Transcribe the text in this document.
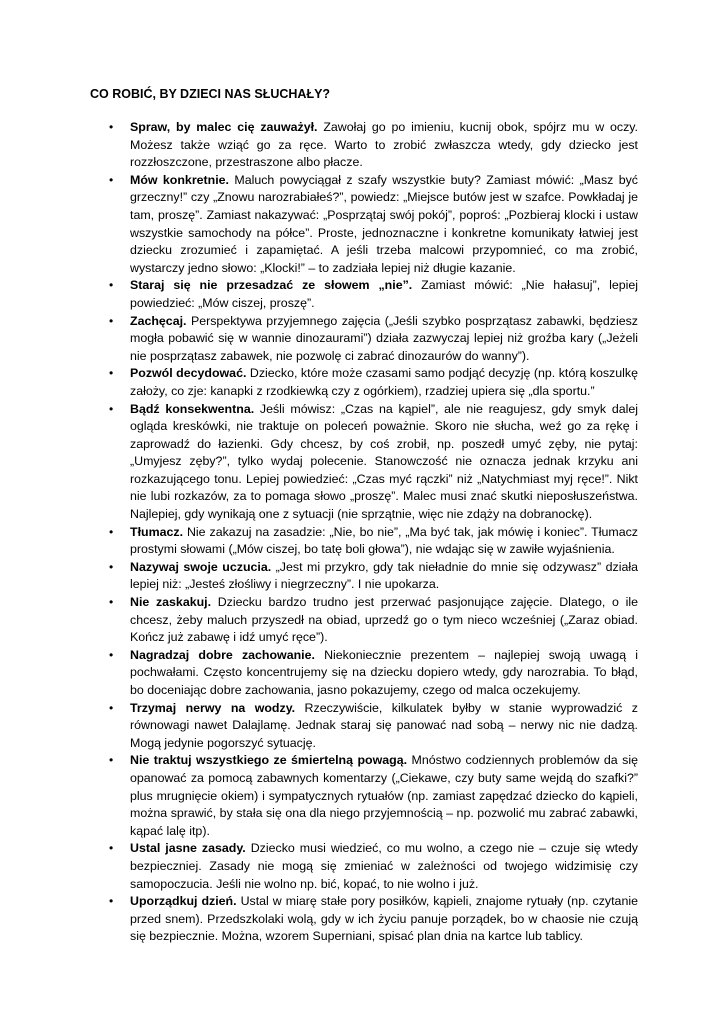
CO ROBIĆ, BY DZIECI NAS SŁUCHAŁY?
• Spraw, by malec cię zauważył. Zawołaj go po imieniu, kucnij obok, spójrz mu w oczy. Możesz także wziąć go za ręce. Warto to zrobić zwłaszcza wtedy, gdy dziecko jest rozzłoszczone, przestraszone albo płacze.
• Mów konkretnie. Maluch powyciągał z szafy wszystkie buty? Zamiast mówić: „Masz być grzeczny!” czy „Znowu narozrabiałeś?”, powiedz: „Miejsce butów jest w szafce. Powkładaj je tam, proszę”. Zamiast nakazywać: „Posprzątaj swój pokój”, poproś: „Pozbieraj klocki i ustaw wszystkie samochody na półce”. Proste, jednoznaczne i konkretne komunikaty łatwiej jest dziecku zrozumieć i zapamiętać. A jeśli trzeba malcowi przypomnieć, co ma zrobić, wystarczy jedno słowo: „Klocki!” – to zadziała lepiej niż długie kazanie.
• Staraj się nie przesadzać ze słowem „nie”. Zamiast mówić: „Nie hałasuj”, lepiej powiedzieć: „Mów ciszej, proszę”.
• Zachęcaj. Perspektywa przyjemnego zajęcia („Jeśli szybko posprzątasz zabawki, będziesz mogła pobawić się w wannie dinozaurami”) działa zazwyczaj lepiej niż groźba kary („Jeżeli nie posprzątasz zabawek, nie pozwolę ci zabrać dinozaurów do wanny”).
• Pozwól decydować. Dziecko, które może czasami samo podjąć decyzję (np. którą koszulkę założy, co zje: kanapki z rzodkiewką czy z ogórkiem), rzadziej upiera się „dla sportu.”
• Bądź konsekwentna. Jeśli mówisz: „Czas na kąpiel”, ale nie reagujesz, gdy smyk dalej ogląda kreskówki, nie traktuje on poleceń poważnie. Skoro nie słucha, weź go za rękę i zaprowadź do łazienki. Gdy chcesz, by coś zrobił, np. poszedł umyć zęby, nie pytaj: „Umyjesz zęby?”, tylko wydaj polecenie. Stanowczość nie oznacza jednak krzyku ani rozkazującego tonu. Lepiej powiedzieć: „Czas myć rączki” niż „Natychmiast myj ręce!”. Nikt nie lubi rozkazów, za to pomaga słowo „proszę”. Malec musi znać skutki nieposłuszeństwa. Najlepiej, gdy wynikają one z sytuacji (nie sprzątnie, więc nie zdąży na dobranockę).
• Tłumacz. Nie zakazuj na zasadzie: „Nie, bo nie”, „Ma być tak, jak mówię i koniec”. Tłumacz prostymi słowami („Mów ciszej, bo tatę boli głowa”), nie wdając się w zawiłe wyjaśnienia.
• Nazywaj swoje uczucia. „Jest mi przykro, gdy tak nieładnie do mnie się odzywasz” działa lepiej niż: „Jesteś złośliwy i niegrzeczny”. I nie upokarza.
• Nie zaskakuj. Dziecku bardzo trudno jest przerwać pasjonujące zajęcie. Dlatego, o ile chcesz, żeby maluch przyszedł na obiad, uprzedź go o tym nieco wcześniej („Zaraz obiad. Kończ już zabawę i idź umyć ręce”).
• Nagradzaj dobre zachowanie. Niekoniecznie prezentem – najlepiej swoją uwagą i pochwałami. Często koncentrujemy się na dziecku dopiero wtedy, gdy narozrabia. To błąd, bo doceniając dobre zachowania, jasno pokazujemy, czego od malca oczekujemy.
• Trzymaj nerwy na wodzy. Rzeczywiście, kilkulatek byłby w stanie wyprowadzić z równowagi nawet Dalajlamę. Jednak staraj się panować nad sobą – nerwy nic nie dadzą. Mogą jedynie pogorszyć sytuację.
• Nie traktuj wszystkiego ze śmiertelną powagą. Mnóstwo codziennych problemów da się opanować za pomocą zabawnych komentarzy („Ciekawe, czy buty same wejdą do szafki?” plus mrugnięcie okiem) i sympatycznych rytuałów (np. zamiast zapędzać dziecko do kąpieli, można sprawić, by stała się ona dla niego przyjemnością – np. pozwolić mu zabrać zabawki, kąpać lalę itp).
• Ustal jasne zasady. Dziecko musi wiedzieć, co mu wolno, a czego nie – czuje się wtedy bezpieczniej. Zasady nie mogą się zmieniać w zależności od twojego widzimisię czy samopoczucia. Jeśli nie wolno np. bić, kopać, to nie wolno i już.
• Uporządkuj dzień. Ustal w miarę stałe pory posiłków, kąpieli, znajome rytuały (np. czytanie przed snem). Przedszkolaki wolą, gdy w ich życiu panuje porządek, bo w chaosie nie czują się bezpiecznie. Można, wzorem Superniani, spisać plan dnia na kartce lub tablicy.
